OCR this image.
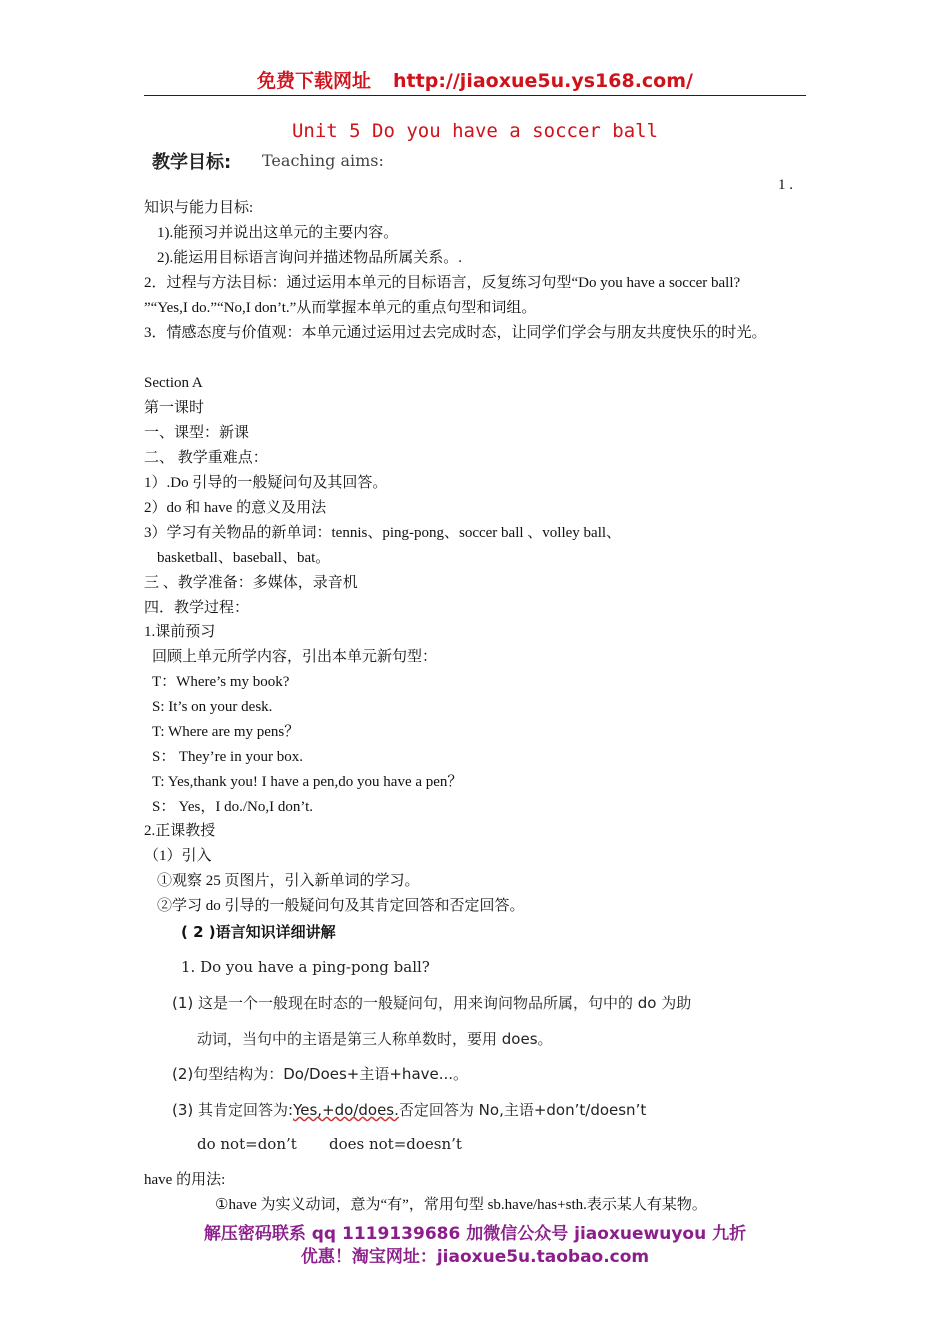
免费下载网址 http://jiaoxue5u.ys168.com/
Unit 5 Do you have a soccer ball
教学目标: Teaching aims:
1 .
知识与能力目标:
1).能预习并说出这单元的主要内容。
2).能运用目标语言询问并描述物品所属关系。.
2．过程与方法目标：通过运用本单元的目标语言，反复练习句型“Do you have a soccer ball?
”“Yes,I do.”“No,I don’t.”从而掌握本单元的重点句型和词组。
3．情感态度与价值观：本单元通过运用过去完成时态，让同学们学会与朋友共度快乐的时光。
Section A
第一课时
一、课型：新课
二、 教学重难点：
1）.Do 引导的一般疑问句及其回答。
2）do 和 have 的意义及用法
3）学习有关物品的新单词：tennis、ping-pong、soccer ball 、volley ball、
basketball、baseball、bat。
三 、教学准备：多媒体，录音机
四．教学过程：
1.课前预习
回顾上单元所学内容，引出本单元新句型：
T：Where’s my book?
S: It’s on your desk.
T: Where are my pens？
S： They’re in your box.
T: Yes,thank you! I have a pen,do you have a pen？
S： Yes，I do./No,I don’t.
2.正课教授
（1）引入
①观察 25 页图片，引入新单词的学习。
②学习 do 引导的一般疑问句及其肯定回答和否定回答。
( 2 )语言知识详细讲解
1. Do you have a ping-pong ball?
(1) 这是一个一般现在时态的一般疑问句，用来询问物品所属，句中的 do 为助
动词，当句中的主语是第三人称单数时，要用 does。
(2)句型结构为：Do/Does+主语+have...。
(3) 其肯定回答为:Yes,+do/does.否定回答为 No,主语+don’t/doesn’t
do not=don’t does not=doesn’t
have 的用法:
①have 为实义动词，意为“有”，常用句型 sb.have/has+sth.表示某人有某物。
解压密码联系 qq 1119139686 加微信公众号 jiaoxuewuyou 九折
优惠！淘宝网址：jiaoxue5u.taobao.com
